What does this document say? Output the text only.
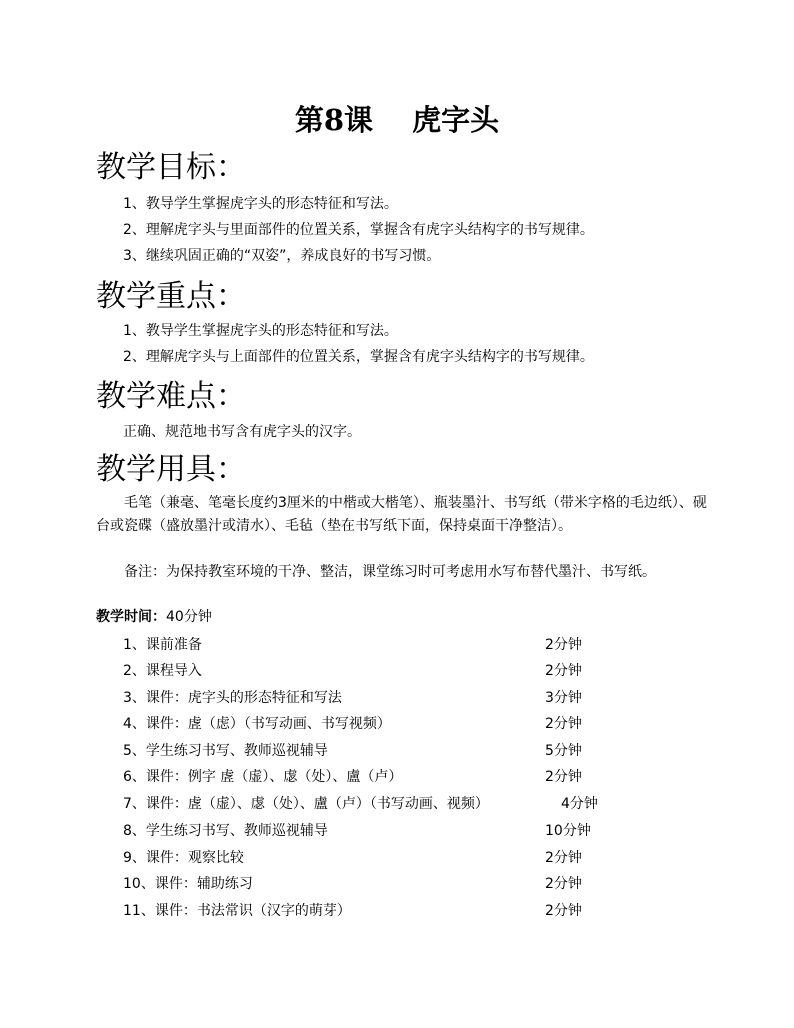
第8课　 虎字头
教学目标：
1、教导学生掌握虎字头的形态特征和写法。
2、理解虎字头与里面部件的位置关系，掌握含有虎字头结构字的书写规律。
3、继续巩固正确的“双姿”，养成良好的书写习惯。
教学重点：
1、教导学生掌握虎字头的形态特征和写法。
2、理解虎字头与上面部件的位置关系，掌握含有虎字头结构字的书写规律。
教学难点：
正确、规范地书写含有虎字头的汉字。
教学用具：
毛笔（兼毫、笔毫长度约3厘米的中楷或大楷笔）、瓶装墨汁、书写纸（带米字格的毛边纸）、砚台或瓷碟（盛放墨汁或清水）、毛毡（垫在书写纸下面，保持桌面干净整洁）。
备注：为保持教室环境的干净、整洁，课堂练习时可考虑用水写布替代墨汁、书写纸。
教学时间：40分钟
1、课前准备	2分钟
2、课程导入	2分钟
3、课件：虎字头的形态特征和写法	3分钟
4、课件：虗（虑）（书写动画、书写视频）	2分钟
5、学生练习书写、教师巡视辅导	5分钟
6、课件：例字 虗（虚）、虙（处）、盧（卢）	2分钟
7、课件：虗（虚）、虙（处）、盧（卢）（书写动画、视频）	4分钟
8、学生练习书写、教师巡视辅导	10分钟
9、课件：观察比较	2分钟
10、课件：辅助练习	2分钟
11、课件：书法常识（汉字的萌芽）	2分钟
